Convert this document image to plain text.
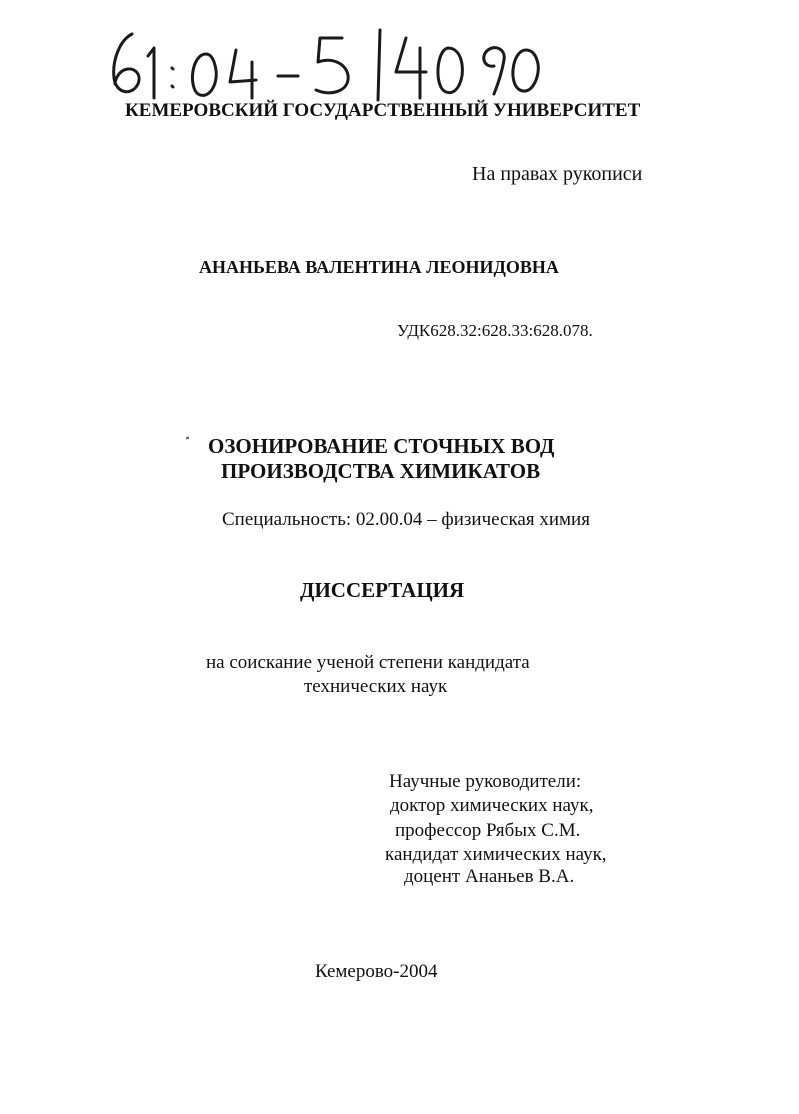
КЕМЕРОВСКИЙ ГОСУДАРСТВЕННЫЙ УНИВЕРСИТЕТ
На правах рукописи
АНАНЬЕВА ВАЛЕНТИНА ЛЕОНИДОВНА
УДК628.32:628.33:628.078.
ОЗОНИРОВАНИЕ СТОЧНЫХ ВОД
ПРОИЗВОДСТВА ХИМИКАТОВ
Специальность: 02.00.04 – физическая химия
ДИССЕРТАЦИЯ
на соискание ученой степени кандидата
технических наук
Научные руководители:
доктор химических наук,
профессор Рябых С.М.
кандидат химических наук,
доцент Ананьев В.А.
Кемерово-2004
